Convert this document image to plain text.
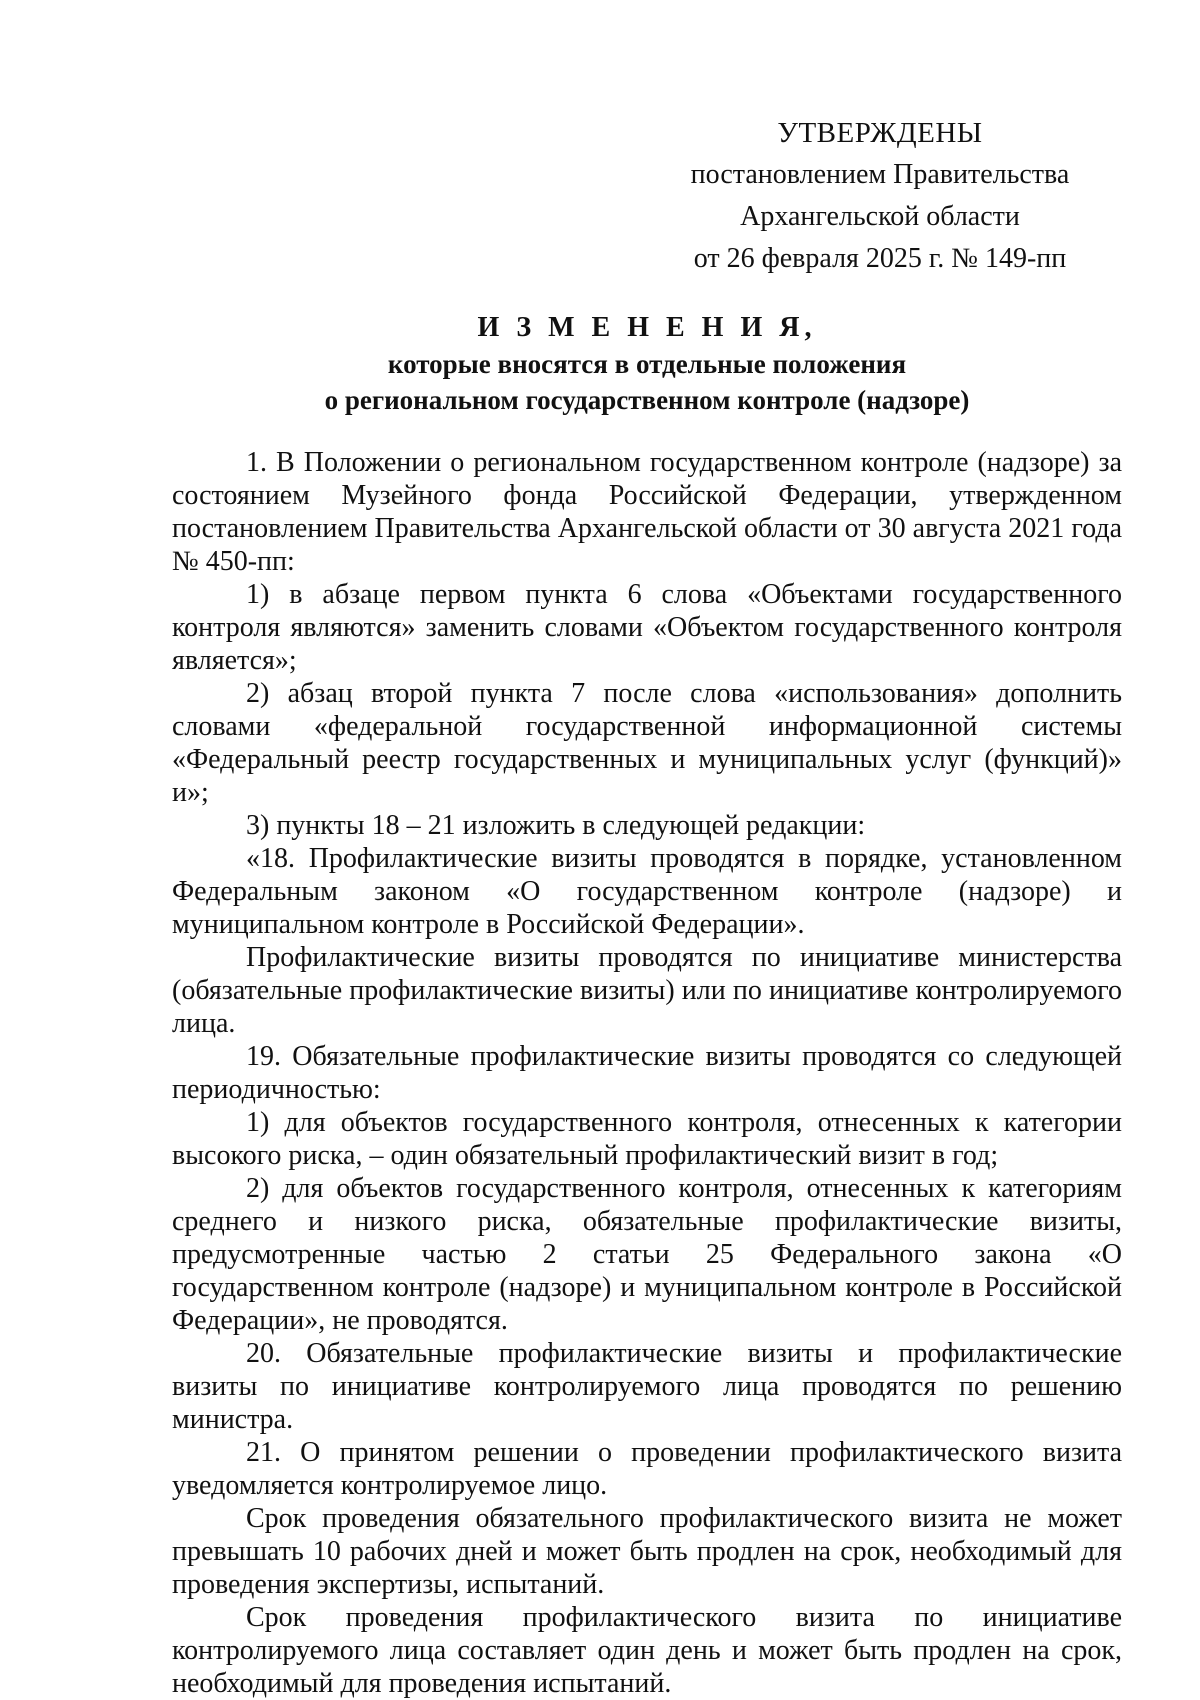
УТВЕРЖДЕНЫ
постановлением Правительства
Архангельской области
от 26 февраля 2025 г. № 149-пп
И З М Е Н Е Н И Я,
которые вносятся в отдельные положения
о региональном государственном контроле (надзоре)

1. В Положении о региональном государственном контроле (надзоре) за состоянием Музейного фонда Российской Федерации, утвержденном постановлением Правительства Архангельской области от 30 августа 2021 года № 450-пп:

1) в абзаце первом пункта 6 слова «Объектами государственного контроля являются» заменить словами «Объектом государственного контроля является»;

2) абзац второй пункта 7 после слова «использования» дополнить словами «федеральной государственной информационной системы «Федеральный реестр государственных и муниципальных услуг (функций)» и»;

3) пункты 18 – 21 изложить в следующей редакции:

«18. Профилактические визиты проводятся в порядке, установленном Федеральным законом «О государственном контроле (надзоре) и муниципальном контроле в Российской Федерации».

Профилактические визиты проводятся по инициативе министерства (обязательные профилактические визиты) или по инициативе контролируемого лица.

19. Обязательные профилактические визиты проводятся со следующей периодичностью:

1) для объектов государственного контроля, отнесенных к категории высокого риска, – один обязательный профилактический визит в год;

2) для объектов государственного контроля, отнесенных к категориям среднего и низкого риска, обязательные профилактические визиты, предусмотренные частью 2 статьи 25 Федерального закона «О государственном контроле (надзоре) и муниципальном контроле в Российской Федерации», не проводятся.

20. Обязательные профилактические визиты и профилактические визиты по инициативе контролируемого лица проводятся по решению министра.

21. О принятом решении о проведении профилактического визита уведомляется контролируемое лицо.

Срок проведения обязательного профилактического визита не может превышать 10 рабочих дней и может быть продлен на срок, необходимый для проведения экспертизы, испытаний.

Срок проведения профилактического визита по инициативе контролируемого лица составляет один день и может быть продлен на срок, необходимый для проведения испытаний.
